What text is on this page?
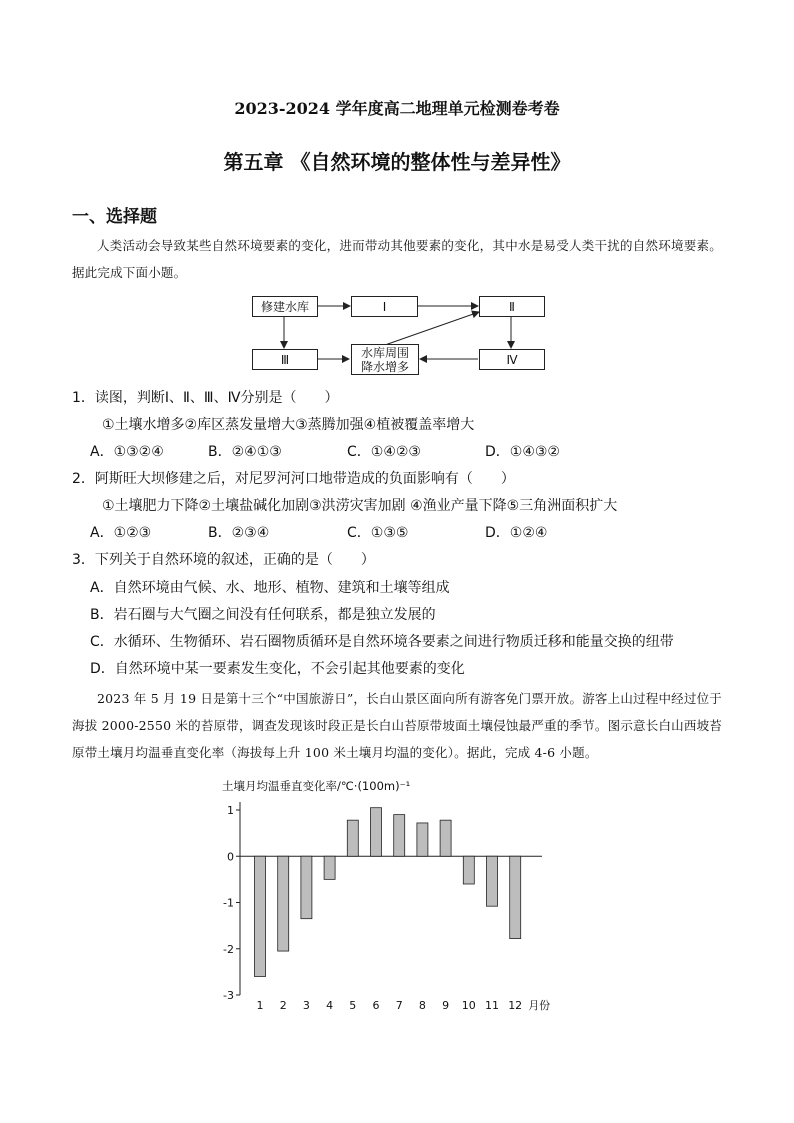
2023-2024 学年度高二地理单元检测卷考卷
第五章 《自然环境的整体性与差异性》
一、选择题
人类活动会导致某些自然环境要素的变化，进而带动其他要素的变化，其中水是易受人类干扰的自然环境要素。据此完成下面小题。
修建水库	Ⅰ	Ⅱ
Ⅲ	Ⅳ
水库周围
降水增多
1．读图，判断Ⅰ、Ⅱ、Ⅲ、Ⅳ分别是（　　）
①土壤水增多②库区蒸发量增大③蒸腾加强④植被覆盖率增大
A．①③②④	B．②④①③	C．①④②③	D．①④③②
2．阿斯旺大坝修建之后，对尼罗河河口地带造成的负面影响有（　　）
①土壤肥力下降②土壤盐碱化加剧③洪涝灾害加剧 ④渔业产量下降⑤三角洲面积扩大
A．①②③	B．②③④	C．①③⑤	D．①②④
3．下列关于自然环境的叙述，正确的是（　　）
A．自然环境由气候、水、地形、植物、建筑和土壤等组成
B．岩石圈与大气圈之间没有任何联系，都是独立发展的
C．水循环、生物循环、岩石圈物质循环是自然环境各要素之间进行物质迁移和能量交换的纽带
D．自然环境中某一要素发生变化，不会引起其他要素的变化
2023 年 5 月 19 日是第十三个“中国旅游日”，长白山景区面向所有游客免门票开放。游客上山过程中经过位于海拔 2000-2550 米的苔原带，调查发现该时段正是长白山苔原带坡面土壤侵蚀最严重的季节。图示意长白山西坡苔原带土壤月均温垂直变化率（海拔每上升 100 米土壤月均温的变化）。据此，完成 4-6 小题。
土壤月均温垂直变化率/℃·(100m)⁻¹
1
0
-1
-2
-3
1 2 3 4 5 6 7 8 9 10 11 12 月份
